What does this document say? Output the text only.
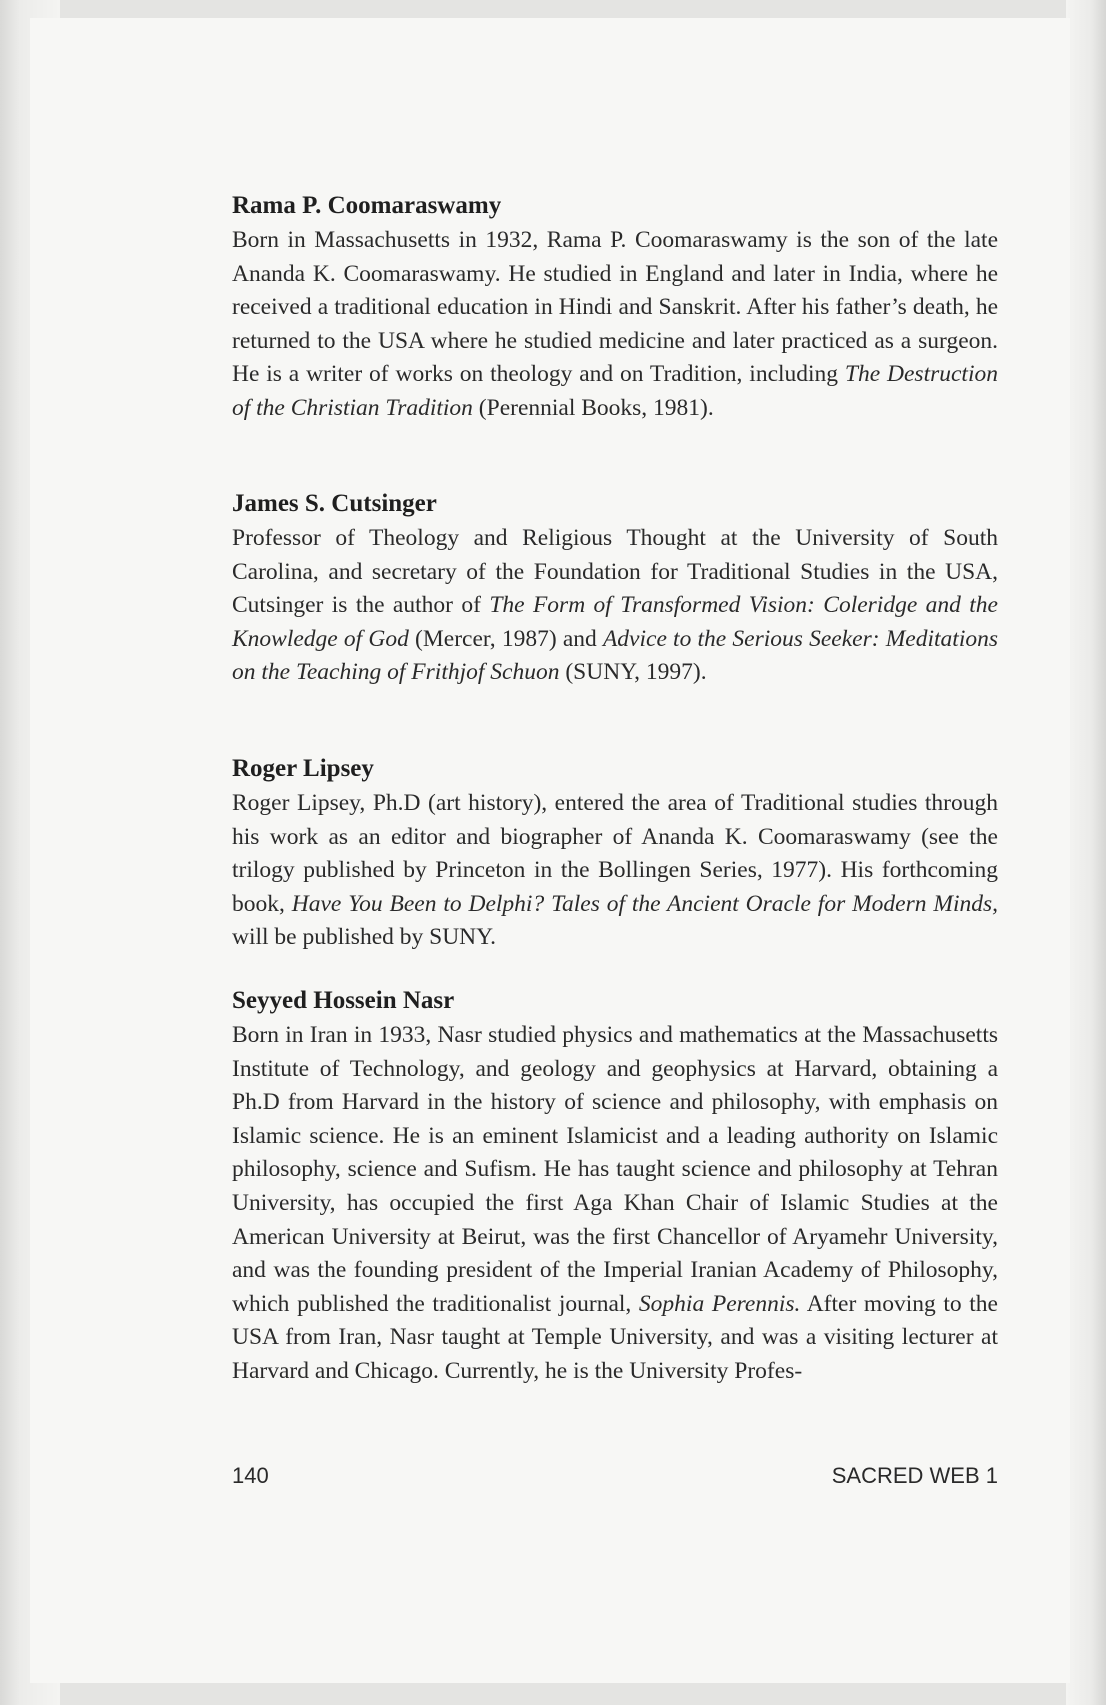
Rama P. Coomaraswamy

Born in Massachusetts in 1932, Rama P. Coomaraswamy is the son of the late Ananda K. Coomaraswamy. He studied in England and later in India, where he received a traditional education in Hindi and Sanskrit. After his father’s death, he returned to the USA where he studied medicine and later practiced as a surgeon. He is a writer of works on theology and on Tradition, including The Destruction of the Christian Tradition (Perennial Books, 1981).

James S. Cutsinger

Professor of Theology and Religious Thought at the University of South Carolina, and secretary of the Foundation for Traditional Studies in the USA, Cutsinger is the author of The Form of Transformed Vision: Coleridge and the Knowledge of God (Mercer, 1987) and Advice to the Serious Seeker: Meditations on the Teaching of Frithjof Schuon (SUNY, 1997).

Roger Lipsey

Roger Lipsey, Ph.D (art history), entered the area of Traditional studies through his work as an editor and biographer of Ananda K. Coomaraswamy (see the trilogy published by Princeton in the Bollingen Series, 1977). His forthcoming book, Have You Been to Delphi? Tales of the Ancient Oracle for Modern Minds, will be published by SUNY.

Seyyed Hossein Nasr

Born in Iran in 1933, Nasr studied physics and mathematics at the Massachusetts Institute of Technology, and geology and geophysics at Harvard, obtaining a Ph.D from Harvard in the history of science and philosophy, with emphasis on Islamic science. He is an eminent Islamicist and a leading authority on Islamic philosophy, science and Sufism. He has taught science and philosophy at Tehran University, has occupied the first Aga Khan Chair of Islamic Studies at the American University at Beirut, was the first Chancellor of Aryamehr University, and was the founding president of the Imperial Iranian Academy of Philosophy, which published the traditionalist journal, Sophia Perennis. After moving to the USA from Iran, Nasr taught at Temple University, and was a visiting lecturer at Harvard and Chicago. Currently, he is the University Profes-

140	SACRED WEB 1
